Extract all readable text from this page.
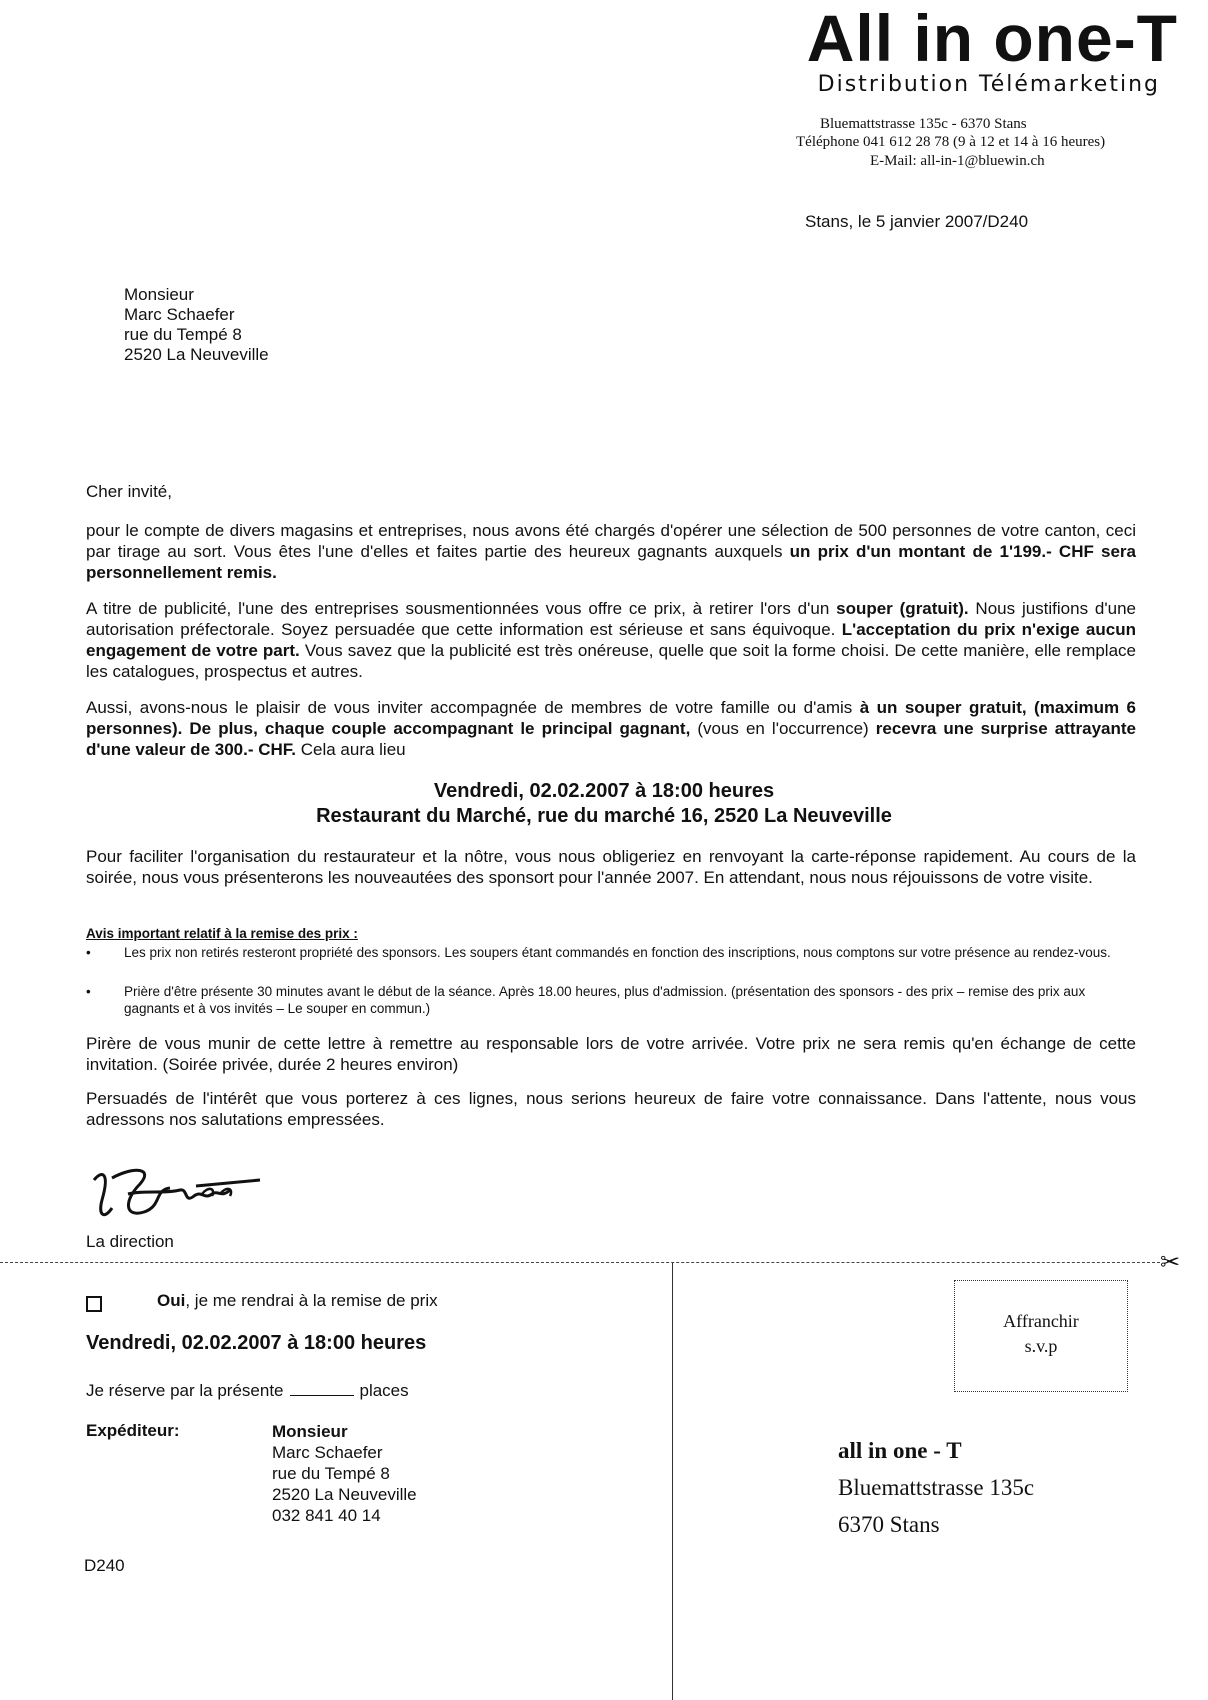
All in one-T
Distribution Télémarketing
Bluemattstrasse 135c - 6370 Stans
Téléphone 041 612 28 78 (9 à 12 et 14 à 16 heures)
E-Mail: all-in-1@bluewin.ch
Stans, le 5 janvier 2007/D240
Monsieur
Marc Schaefer
rue du Tempé 8
2520 La Neuveville
Cher invité,
pour le compte de divers magasins et entreprises, nous avons été chargés d'opérer une sélection de 500 personnes de votre canton, ceci par tirage au sort. Vous êtes l'une d'elles et faites partie des heureux gagnants auxquels un prix d'un montant de 1'199.- CHF sera personnellement remis.
A titre de publicité, l'une des entreprises sousmentionnées vous offre ce prix, à retirer l'ors d'un souper (gratuit). Nous justifions d'une autorisation préfectorale. Soyez persuadée que cette information est sérieuse et sans équivoque. L'acceptation du prix n'exige aucun engagement de votre part. Vous savez que la publicité est très onéreuse, quelle que soit la forme choisi. De cette manière, elle remplace les catalogues, prospectus et autres.
Aussi, avons-nous le plaisir de vous inviter accompagnée de membres de votre famille ou d'amis à un souper gratuit, (maximum 6 personnes). De plus, chaque couple accompagnant le principal gagnant, (vous en l'occurrence) recevra une surprise attrayante d'une valeur de 300.- CHF. Cela aura lieu
Vendredi, 02.02.2007 à 18:00 heures
Restaurant du Marché, rue du marché 16, 2520 La Neuveville
Pour faciliter l'organisation du restaurateur et la nôtre, vous nous obligeriez en renvoyant la carte-réponse rapidement. Au cours de la soirée, nous vous présenterons les nouveautées des sponsort pour l'année 2007. En attendant, nous nous réjouissons de votre visite.
Avis important relatif à la remise des prix :
• Les prix non retirés resteront propriété des sponsors. Les soupers étant commandés en fonction des inscriptions, nous comptons sur votre présence au rendez-vous.
• Prière d'être présente 30 minutes avant le début de la séance. Après 18.00 heures, plus d'admission. (présentation des sponsors - des prix – remise des prix aux gagnants et à vos invités – Le souper en commun.)
Pirère de vous munir de cette lettre à remettre au responsable lors de votre arrivée. Votre prix ne sera remis qu'en échange de cette invitation. (Soirée privée, durée 2 heures environ)
Persuadés de l'intérêt que vous porterez à ces lignes, nous serions heureux de faire votre connaissance. Dans l'attente, nous vous adressons nos salutations empressées.
La direction
✂
Oui, je me rendrai à la remise de prix
Vendredi, 02.02.2007 à 18:00 heures
Je réserve par la présente	places
Expéditeur:	Monsieur
Marc Schaefer
rue du Tempé 8
2520 La Neuveville
032 841 40 14
D240
Affranchir
s.v.p
all in one - T
Bluemattstrasse 135c
6370 Stans
